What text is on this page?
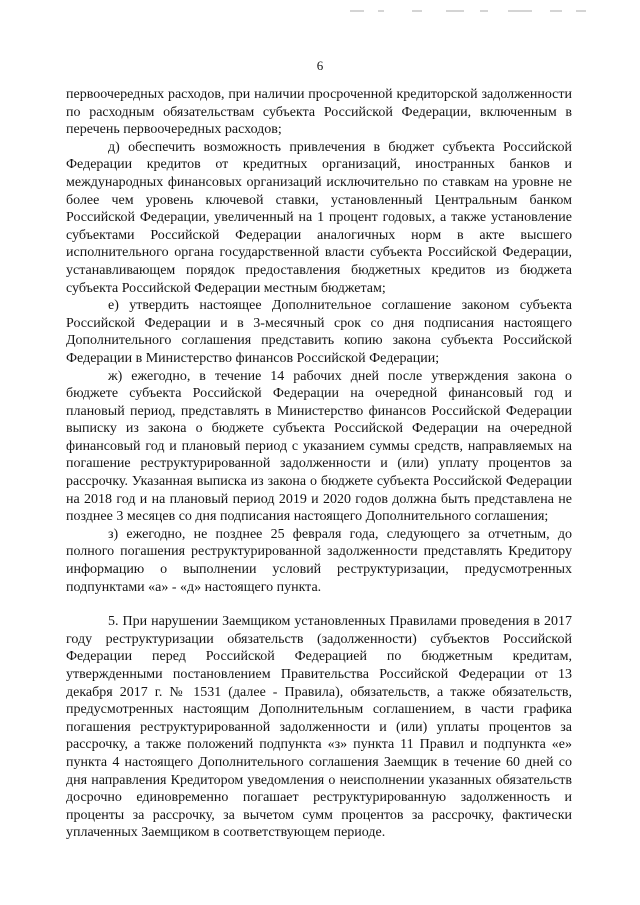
6

первоочередных расходов, при наличии просроченной кредиторской задолженности по расходным обязательствам субъекта Российской Федерации, включенным в перечень первоочередных расходов;

д) обеспечить возможность привлечения в бюджет субъекта Российской Федерации кредитов от кредитных организаций, иностранных банков и международных финансовых организаций исключительно по ставкам на уровне не более чем уровень ключевой ставки, установленный Центральным банком Российской Федерации, увеличенный на 1 процент годовых, а также установление субъектами Российской Федерации аналогичных норм в акте высшего исполнительного органа государственной власти субъекта Российской Федерации, устанавливающем порядок предоставления бюджетных кредитов из бюджета субъекта Российской Федерации местным бюджетам;

е) утвердить настоящее Дополнительное соглашение законом субъекта Российской Федерации и в 3-месячный срок со дня подписания настоящего Дополнительного соглашения представить копию закона субъекта Российской Федерации в Министерство финансов Российской Федерации;

ж) ежегодно, в течение 14 рабочих дней после утверждения закона о бюджете субъекта Российской Федерации на очередной финансовый год и плановый период, представлять в Министерство финансов Российской Федерации выписку из закона о бюджете субъекта Российской Федерации на очередной финансовый год и плановый период с указанием суммы средств, направляемых на погашение реструктурированной задолженности и (или) уплату процентов за рассрочку. Указанная выписка из закона о бюджете субъекта Российской Федерации на 2018 год и на плановый период 2019 и 2020 годов должна быть представлена не позднее 3 месяцев со дня подписания настоящего Дополнительного соглашения;

з) ежегодно, не позднее 25 февраля года, следующего за отчетным, до полного погашения реструктурированной задолженности представлять Кредитору информацию о выполнении условий реструктуризации, предусмотренных подпунктами «а» - «д» настоящего пункта.

5. При нарушении Заемщиком установленных Правилами проведения в 2017 году реструктуризации обязательств (задолженности) субъектов Российской Федерации перед Российской Федерацией по бюджетным кредитам, утвержденными постановлением Правительства Российской Федерации от 13 декабря 2017 г. № 1531 (далее - Правила), обязательств, а также обязательств, предусмотренных настоящим Дополнительным соглашением, в части графика погашения реструктурированной задолженности и (или) уплаты процентов за рассрочку, а также положений подпункта «з» пункта 11 Правил и подпункта «е» пункта 4 настоящего Дополнительного соглашения Заемщик в течение 60 дней со дня направления Кредитором уведомления о неисполнении указанных обязательств досрочно единовременно погашает реструктурированную задолженность и проценты за рассрочку, за вычетом сумм процентов за рассрочку, фактически уплаченных Заемщиком в соответствующем периоде.
